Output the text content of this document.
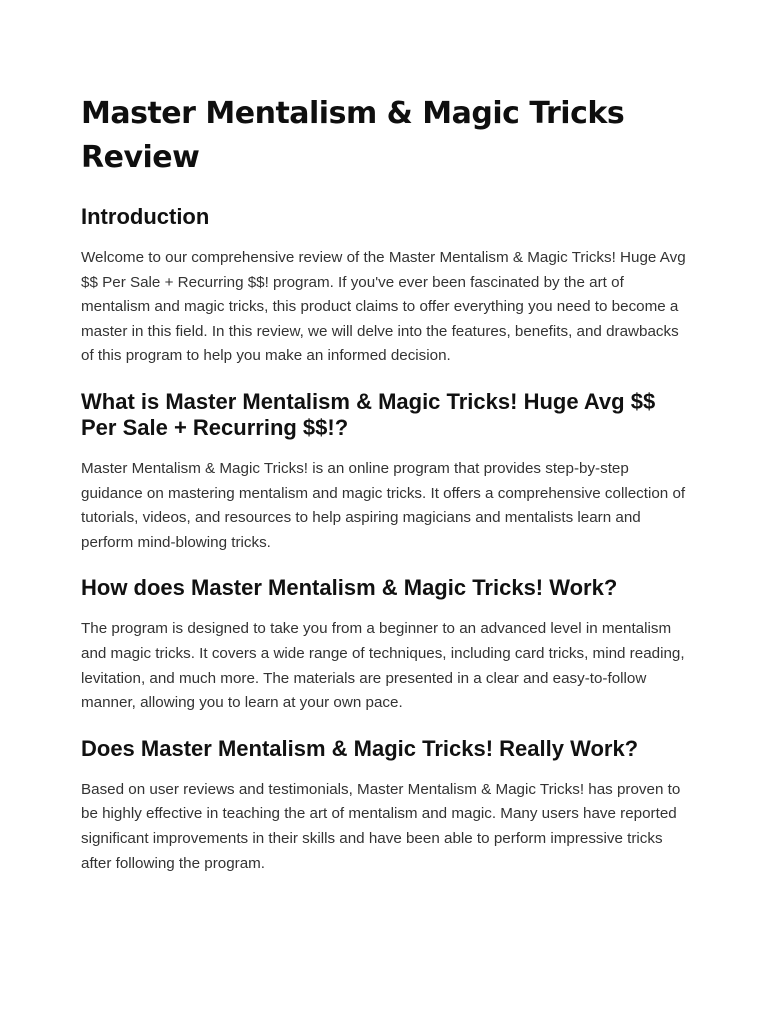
Master Mentalism & Magic Tricks Review
Introduction

Welcome to our comprehensive review of the Master Mentalism & Magic Tricks! Huge Avg $$ Per Sale + Recurring $$! program. If you've ever been fascinated by the art of mentalism and magic tricks, this product claims to offer everything you need to become a master in this field. In this review, we will delve into the features, benefits, and drawbacks of this program to help you make an informed decision.

What is Master Mentalism & Magic Tricks! Huge Avg $$ Per Sale + Recurring $$!?

Master Mentalism & Magic Tricks! is an online program that provides step-by-step guidance on mastering mentalism and magic tricks. It offers a comprehensive collection of tutorials, videos, and resources to help aspiring magicians and mentalists learn and perform mind-blowing tricks.

How does Master Mentalism & Magic Tricks! Work?

The program is designed to take you from a beginner to an advanced level in mentalism and magic tricks. It covers a wide range of techniques, including card tricks, mind reading, levitation, and much more. The materials are presented in a clear and easy-to-follow manner, allowing you to learn at your own pace.

Does Master Mentalism & Magic Tricks! Really Work?

Based on user reviews and testimonials, Master Mentalism & Magic Tricks! has proven to be highly effective in teaching the art of mentalism and magic. Many users have reported significant improvements in their skills and have been able to perform impressive tricks after following the program.
